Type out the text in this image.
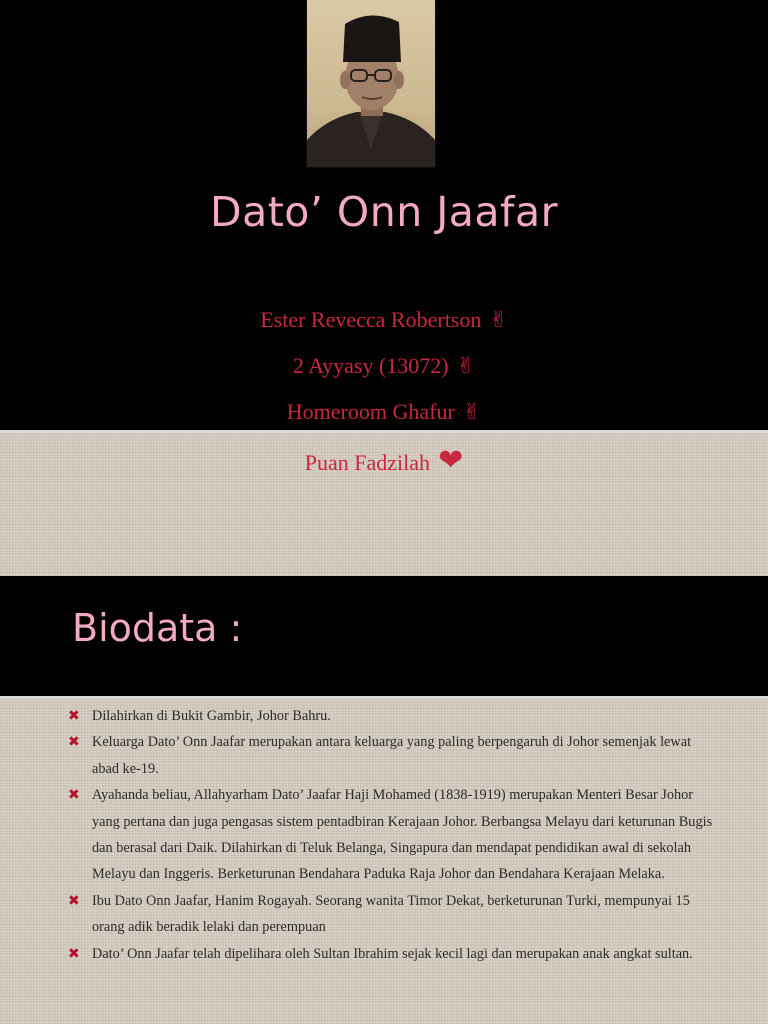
Dato’ Onn Jaafar
Ester Revecca Robertson ✌
2 Ayyasy (13072) ✌
Homeroom Ghafur ✌
Puan Fadzilah ❤
Biodata :
✖ Dilahirkan di Bukit Gambir, Johor Bahru.
✖ Keluarga Dato’ Onn Jaafar merupakan antara keluarga yang paling berpengaruh di Johor semenjak lewat abad ke-19.
✖ Ayahanda beliau, Allahyarham Dato’ Jaafar Haji Mohamed (1838-1919) merupakan Menteri Besar Johor yang pertana dan juga pengasas sistem pentadbiran Kerajaan Johor. Berbangsa Melayu dari keturunan Bugis dan berasal dari Daik. Dilahirkan di Teluk Belanga, Singapura dan mendapat pendidikan awal di sekolah Melayu dan Inggeris. Berketurunan Bendahara Paduka Raja Johor dan Bendahara Kerajaan Melaka.
✖ Ibu Dato Onn Jaafar, Hanim Rogayah. Seorang wanita Timor Dekat, berketurunan Turki, mempunyai 15 orang adik beradik lelaki dan perempuan
✖ Dato’ Onn Jaafar telah dipelihara oleh Sultan Ibrahim sejak kecil lagi dan merupakan anak angkat sultan.
